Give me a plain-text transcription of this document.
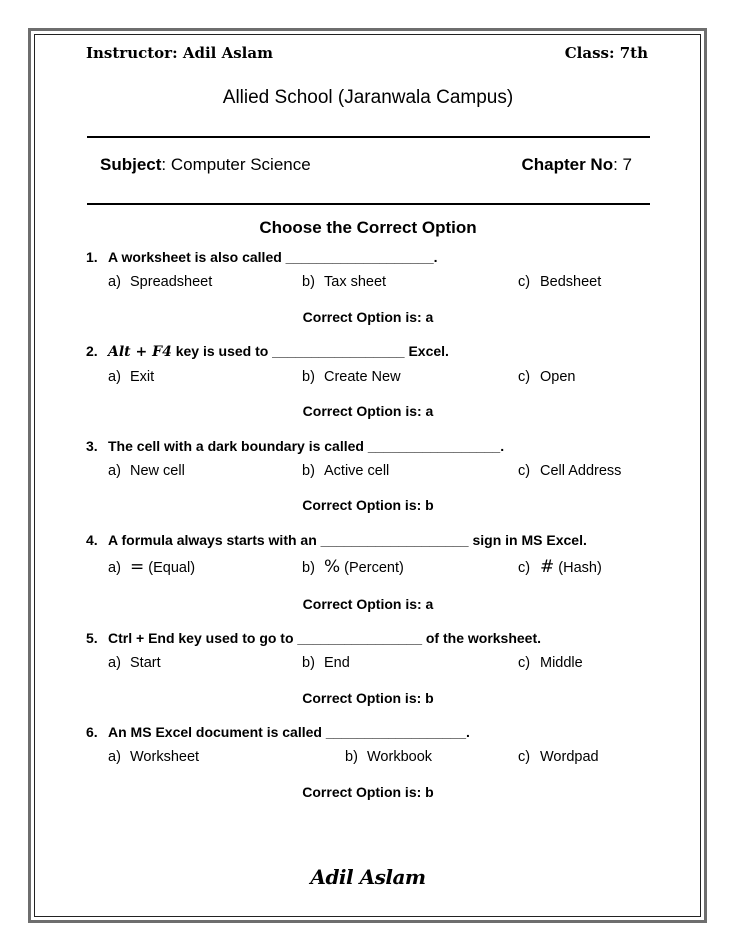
Instructor: Adil Aslam	Class: 7th
Allied School (Jaranwala Campus)
Subject: Computer Science	Chapter No: 7
Choose the Correct Option
1. A worksheet is also called ___________________.
a) Spreadsheet	b) Tax sheet	c) Bedsheet
Correct Option is: a
2. Alt + F4 key is used to _________________ Excel.
a) Exit	b) Create New	c) Open
Correct Option is: a
3. The cell with a dark boundary is called _________________.
a) New cell	b) Active cell	c) Cell Address
Correct Option is: b
4. A formula always starts with an ___________________ sign in MS Excel.
a) = (Equal)	b) % (Percent)	c) # (Hash)
Correct Option is: a
5. Ctrl + End key used to go to ________________ of the worksheet.
a) Start	b) End	c) Middle
Correct Option is: b
6. An MS Excel document is called __________________.
a) Worksheet	b) Workbook	c) Wordpad
Correct Option is: b
Adil Aslam
